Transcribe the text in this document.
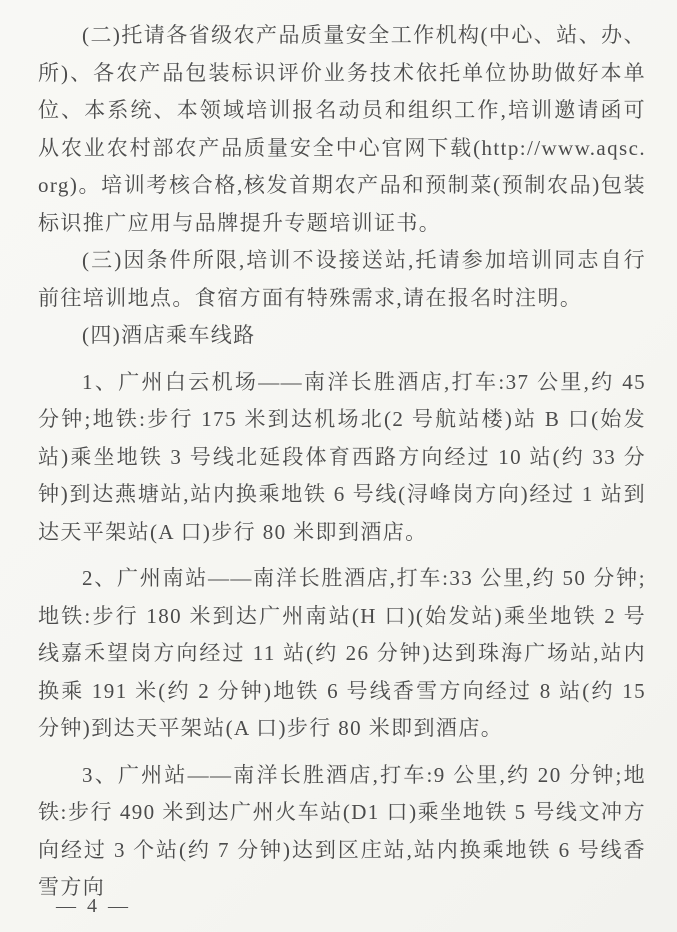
(二)托请各省级农产品质量安全工作机构(中心、站、办、所)、各农产品包装标识评价业务技术依托单位协助做好本单位、本系统、本领域培训报名动员和组织工作,培训邀请函可从农业农村部农产品质量安全中心官网下载(http://www.aqsc.org)。培训考核合格,核发首期农产品和预制菜(预制农品)包装标识推广应用与品牌提升专题培训证书。

(三)因条件所限,培训不设接送站,托请参加培训同志自行前往培训地点。食宿方面有特殊需求,请在报名时注明。

(四)酒店乘车线路

1、广州白云机场——南洋长胜酒店,打车:37 公里,约 45 分钟;地铁:步行 175 米到达机场北(2 号航站楼)站 B 口(始发站)乘坐地铁 3 号线北延段体育西路方向经过 10 站(约 33 分钟)到达燕塘站,站内换乘地铁 6 号线(浔峰岗方向)经过 1 站到达天平架站(A 口)步行 80 米即到酒店。

2、广州南站——南洋长胜酒店,打车:33 公里,约 50 分钟;地铁:步行 180 米到达广州南站(H 口)(始发站)乘坐地铁 2 号线嘉禾望岗方向经过 11 站(约 26 分钟)达到珠海广场站,站内换乘 191 米(约 2 分钟)地铁 6 号线香雪方向经过 8 站(约 15 分钟)到达天平架站(A 口)步行 80 米即到酒店。

3、广州站——南洋长胜酒店,打车:9 公里,约 20 分钟;地铁:步行 490 米到达广州火车站(D1 口)乘坐地铁 5 号线文冲方向经过 3 个站(约 7 分钟)达到区庄站,站内换乘地铁 6 号线香雪方向

— 4 —
